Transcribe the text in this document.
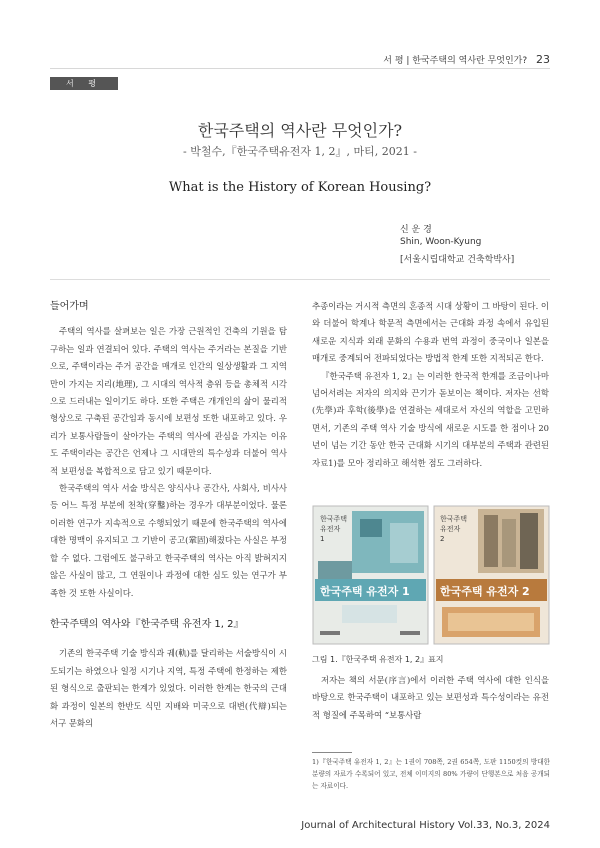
서 평 | 한국주택의 역사란 무엇인가? 23
서 평
한국주택의 역사란 무엇인가?
- 박철수,『한국주택유전자 1, 2』, 마티, 2021 -
What is the History of Korean Housing?
신 운 경
Shin, Woon-Kyung
[서울시립대학교 건축학박사]
들어가며

주택의 역사를 살펴보는 일은 가장 근원적인 건축의 기원을 탐구하는 일과 연결되어 있다. 주택의 역사는 주거라는 본질을 기반으로, 주택이라는 주거 공간을 매개로 인간의 일상생활과 그 지역만이 가지는 지리(地理), 그 시대의 역사적 층위 등을 총체적 시각으로 드러내는 일이기도 하다. 또한 주택은 개개인의 삶이 물리적 형상으로 구축된 공간임과 동시에 보편성 또한 내포하고 있다. 우리가 보통사람들이 살아가는 주택의 역사에 관심을 가지는 이유도 주택이라는 공간은 언제나 그 시대만의 특수성과 더불어 역사적 보편성을 복합적으로 담고 있기 때문이다.

한국주택의 역사 서술 방식은 양식사나 공간사, 사회사, 비사사 등 어느 특정 부분에 천착(穿鑿)하는 경우가 대부분이었다. 물론 이러한 연구가 지속적으로 수행되었기 때문에 한국주택의 역사에 대한 명맥이 유지되고 그 기반이 공고(鞏固)해졌다는 사실은 부정할 수 없다. 그럼에도 불구하고 한국주택의 역사는 아직 밝혀지지 않은 사실이 많고, 그 연원이나 과정에 대한 심도 있는 연구가 부족한 것 또한 사실이다.

한국주택의 역사와『한국주택 유전자 1, 2』

기존의 한국주택 기술 방식과 궤(軌)를 달리하는 서술방식이 시도되기는 하였으나 일정 시기나 지역, 특정 주택에 한정하는 제한된 형식으로 출판되는 한계가 있었다. 이러한 한계는 한국의 근대화 과정이 일본의 한반도 식민 지배와 미국으로 대변(代辯)되는 서구 문화의

추종이라는 거시적 측면의 혼종적 시대 상황이 그 바탕이 된다. 이와 더불어 학계나 학문적 측면에서는 근대화 과정 속에서 유입된 새로운 지식과 외래 문화의 수용과 번역 과정이 중국이나 일본을 매개로 중계되어 전파되었다는 방법적 한계 또한 지적되곤 한다.

『한국주택 유전자 1, 2』는 이러한 한국적 한계를 조금이나마 넘어서려는 저자의 의지와 끈기가 돋보이는 책이다. 저자는 선학(先學)과 후학(後學)을 연결하는 세대로서 자신의 역할을 고민하면서, 기존의 주택 역사 기술 방식에 새로운 시도를 한 점이나 20년이 넘는 기간 동안 한국 근대화 시기의 대부분의 주택과 관련된 자료1)를 모아 정리하고 해석한 점도 그러하다.

한국주택 유전자 1
한국주택
유전자
1
한국주택 유전자 2
한국주택
유전자
2
그림 1.『한국주택 유전자 1, 2』표지

저자는 책의 서문(序言)에서 이러한 주택 역사에 대한 인식을 바탕으로 한국주택이 내포하고 있는 보편성과 특수성이라는 유전적 형질에 주목하여 “보통사람

1)『한국주택 유전자 1, 2』는 1권이 708쪽, 2권 654쪽, 도판 1150컷의 방대한 분량의 자료가 수록되어 있고, 전체 이미지의 80% 가량이 단행본으로 처음 공개되는 자료이다.
Journal of Architectural History Vol.33, No.3, 2024
